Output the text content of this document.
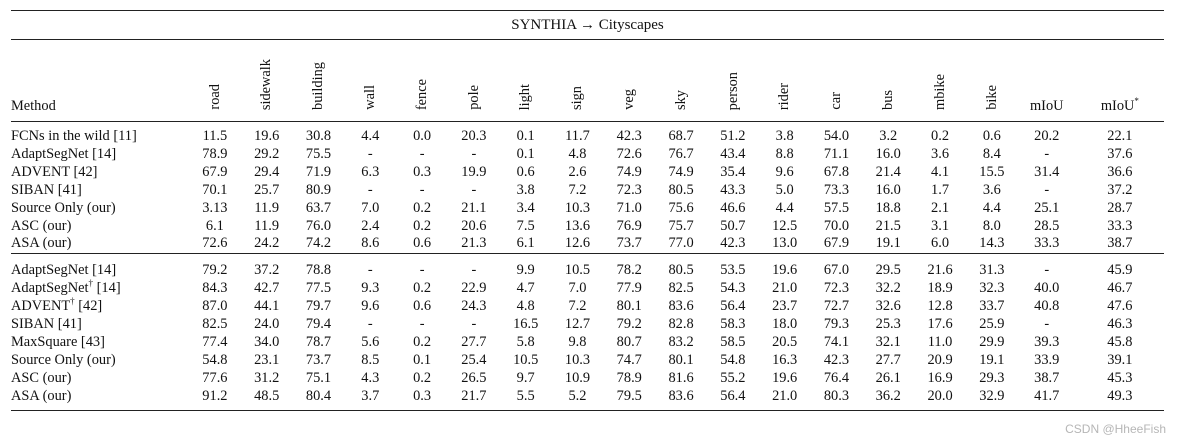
SYNTHIA → Cityscapes																		
Method	road	sidewalk	building	wall	fence	pole	light	sign	veg	sky	person	rider	car	bus	mbike	bike	mIoU	mIoU*
FCNs in the wild [11]	11.5	19.6	30.8	4.4	0.0	20.3	0.1	11.7	42.3	68.7	51.2	3.8	54.0	3.2	0.2	0.6	20.2	22.1
AdaptSegNet [14]	78.9	29.2	75.5	-	-	-	0.1	4.8	72.6	76.7	43.4	8.8	71.1	16.0	3.6	8.4	-	37.6
ADVENT [42]	67.9	29.4	71.9	6.3	0.3	19.9	0.6	2.6	74.9	74.9	35.4	9.6	67.8	21.4	4.1	15.5	31.4	36.6
SIBAN [41]	70.1	25.7	80.9	-	-	-	3.8	7.2	72.3	80.5	43.3	5.0	73.3	16.0	1.7	3.6	-	37.2
Source Only (our)	3.13	11.9	63.7	7.0	0.2	21.1	3.4	10.3	71.0	75.6	46.6	4.4	57.5	18.8	2.1	4.4	25.1	28.7
ASC (our)	6.1	11.9	76.0	2.4	0.2	20.6	7.5	13.6	76.9	75.7	50.7	12.5	70.0	21.5	3.1	8.0	28.5	33.3
ASA (our)	72.6	24.2	74.2	8.6	0.6	21.3	6.1	12.6	73.7	77.0	42.3	13.0	67.9	19.1	6.0	14.3	33.3	38.7

AdaptSegNet [14]	79.2	37.2	78.8	-	-	-	9.9	10.5	78.2	80.5	53.5	19.6	67.0	29.5	21.6	31.3	-	45.9
AdaptSegNet† [14]	84.3	42.7	77.5	9.3	0.2	22.9	4.7	7.0	77.9	82.5	54.3	21.0	72.3	32.2	18.9	32.3	40.0	46.7
ADVENT† [42]	87.0	44.1	79.7	9.6	0.6	24.3	4.8	7.2	80.1	83.6	56.4	23.7	72.7	32.6	12.8	33.7	40.8	47.6
SIBAN [41]	82.5	24.0	79.4	-	-	-	16.5	12.7	79.2	82.8	58.3	18.0	79.3	25.3	17.6	25.9	-	46.3
MaxSquare [43]	77.4	34.0	78.7	5.6	0.2	27.7	5.8	9.8	80.7	83.2	58.5	20.5	74.1	32.1	11.0	29.9	39.3	45.8
Source Only (our)	54.8	23.1	73.7	8.5	0.1	25.4	10.5	10.3	74.7	80.1	54.8	16.3	42.3	27.7	20.9	19.1	33.9	39.1
ASC (our)	77.6	31.2	75.1	4.3	0.2	26.5	9.7	10.9	78.9	81.6	55.2	19.6	76.4	26.1	16.9	29.3	38.7	45.3
ASA (our)	91.2	48.5	80.4	3.7	0.3	21.7	5.5	5.2	79.5	83.6	56.4	21.0	80.3	36.2	20.0	32.9	41.7	49.3
CSDN @HheeFish
